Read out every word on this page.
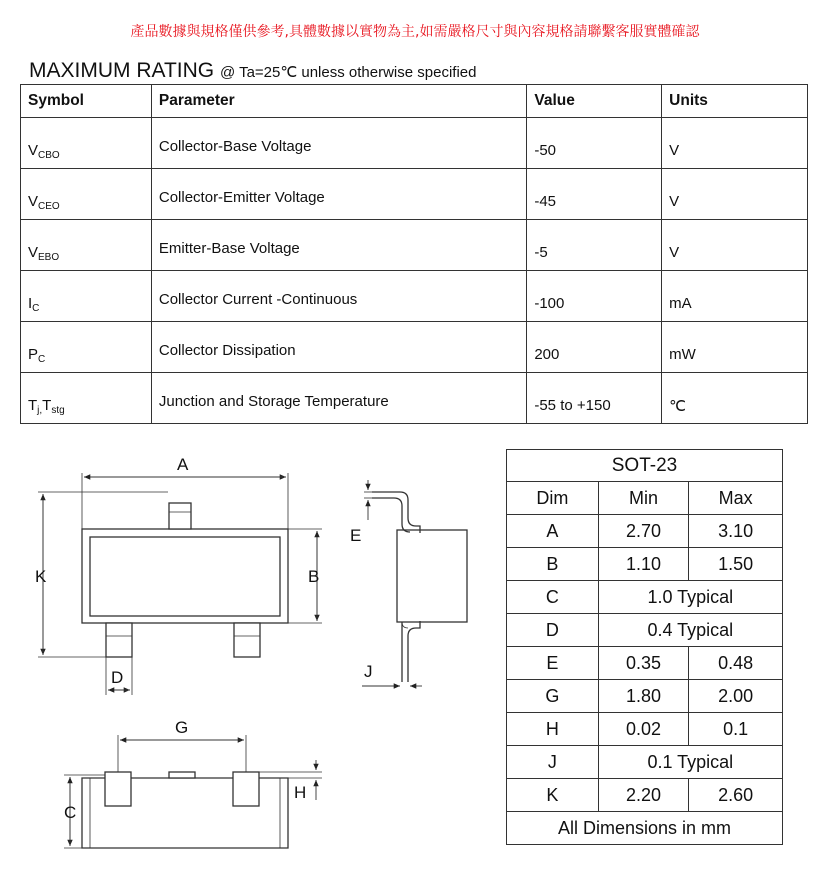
產品數據與規格僅供參考,具體數據以實物為主,如需嚴格尺寸與內容規格請聯繫客服實體確認
MAXIMUM RATING @ Ta=25℃ unless otherwise specified
Symbol	Parameter	Value	Units
$V_{CBO}$	Collector-Base Voltage	-50	V
$V_{CEO}$	Collector-Emitter Voltage	-45	V
$V_{EBO}$	Emitter-Base Voltage	-5	V
$I_C$	Collector Current -Continuous	-100	mA
$P_C$	Collector Dissipation	200	mW
$T_{j,}T_{stg}$	Junction and Storage Temperature	-55 to +150	℃
A
K	B
D
E
J
G
C
H
SOT-23		
Dim	Min	Max
A	2.70	3.10
B	1.10	1.50
C	1.0 Typical	
D	0.4 Typical	
E	0.35	0.48
G	1.80	2.00
H	0.02	0.1
J	0.1 Typical	
K	2.20	2.60
All Dimensions in mm		
